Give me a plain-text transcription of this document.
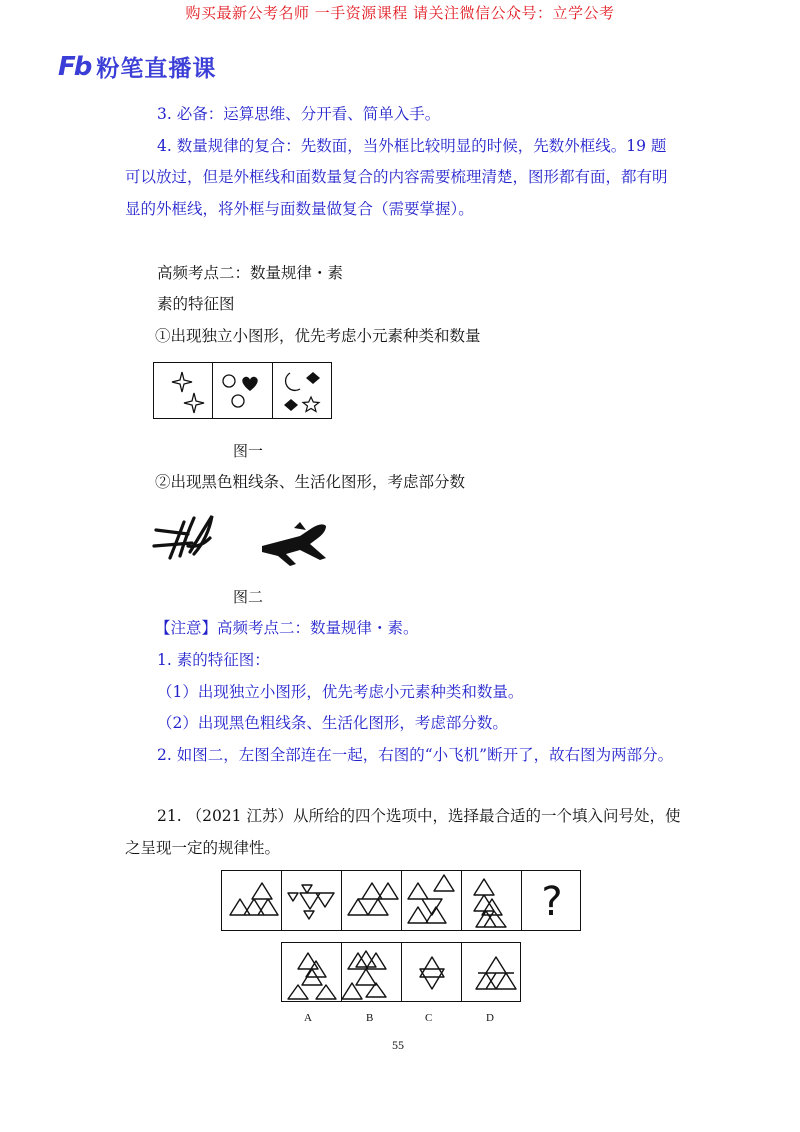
购买最新公考名师 一手资源课程 请关注微信公众号：立学公考
Fb 粉笔直播课
3. 必备：运算思维、分开看、简单入手。
4. 数量规律的复合：先数面，当外框比较明显的时候，先数外框线。19 题
可以放过，但是外框线和面数量复合的内容需要梳理清楚，图形都有面，都有明
显的外框线，将外框与面数量做复合（需要掌握）。
高频考点二：数量规律・素
素的特征图
①出现独立小图形，优先考虑小元素种类和数量
图一
②出现黑色粗线条、生活化图形，考虑部分数
图二
【注意】高频考点二：数量规律・素。
1. 素的特征图：
（1）出现独立小图形，优先考虑小元素种类和数量。
（2）出现黑色粗线条、生活化图形，考虑部分数。
2. 如图二，左图全部连在一起，右图的“小飞机”断开了，故右图为两部分。
21. （2021 江苏）从所给的四个选项中，选择最合适的一个填入问号处，使
之呈现一定的规律性。
?
A	B	C	D
55
